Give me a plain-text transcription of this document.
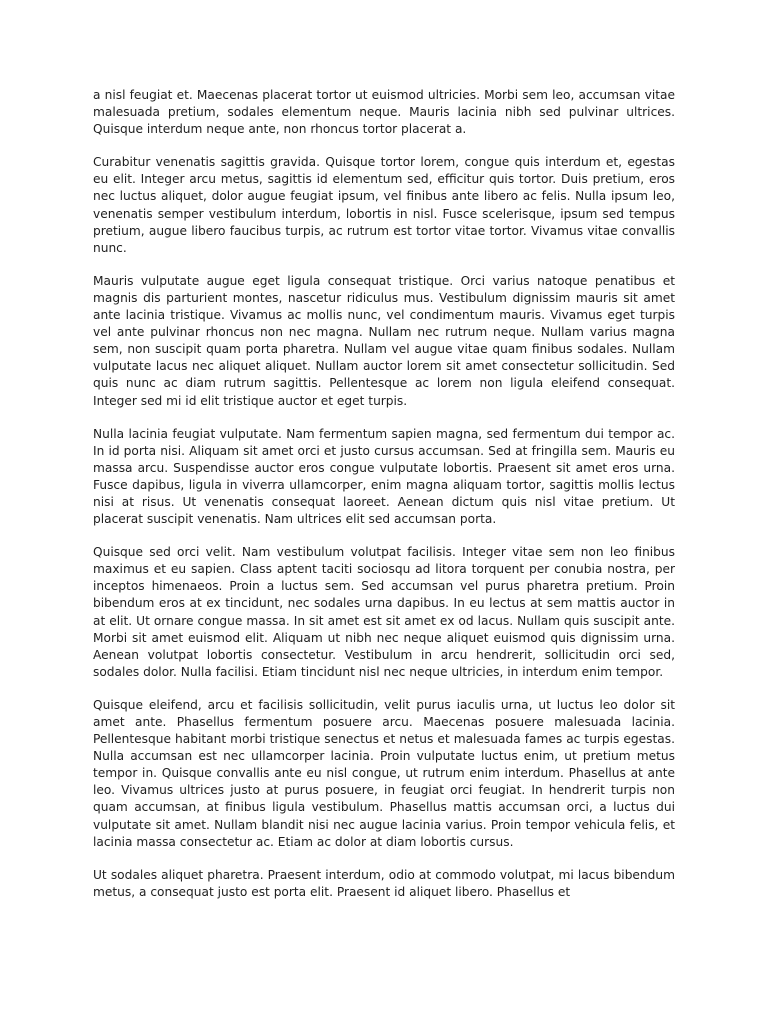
a nisl feugiat et. Maecenas placerat tortor ut euismod ultricies. Morbi sem leo, accumsan vitae malesuada pretium, sodales elementum neque. Mauris lacinia nibh sed pulvinar ultrices. Quisque interdum neque ante, non rhoncus tortor placerat a.

Curabitur venenatis sagittis gravida. Quisque tortor lorem, congue quis interdum et, egestas eu elit. Integer arcu metus, sagittis id elementum sed, efficitur quis tortor. Duis pretium, eros nec luctus aliquet, dolor augue feugiat ipsum, vel finibus ante libero ac felis. Nulla ipsum leo, venenatis semper vestibulum interdum, lobortis in nisl. Fusce scelerisque, ipsum sed tempus pretium, augue libero faucibus turpis, ac rutrum est tortor vitae tortor. Vivamus vitae convallis nunc.

Mauris vulputate augue eget ligula consequat tristique. Orci varius natoque penatibus et magnis dis parturient montes, nascetur ridiculus mus. Vestibulum dignissim mauris sit amet ante lacinia tristique. Vivamus ac mollis nunc, vel condimentum mauris. Vivamus eget turpis vel ante pulvinar rhoncus non nec magna. Nullam nec rutrum neque. Nullam varius magna sem, non suscipit quam porta pharetra. Nullam vel augue vitae quam finibus sodales. Nullam vulputate lacus nec aliquet aliquet. Nullam auctor lorem sit amet consectetur sollicitudin. Sed quis nunc ac diam rutrum sagittis. Pellentesque ac lorem non ligula eleifend consequat. Integer sed mi id elit tristique auctor et eget turpis.

Nulla lacinia feugiat vulputate. Nam fermentum sapien magna, sed fermentum dui tempor ac. In id porta nisi. Aliquam sit amet orci et justo cursus accumsan. Sed at fringilla sem. Mauris eu massa arcu. Suspendisse auctor eros congue vulputate lobortis. Praesent sit amet eros urna. Fusce dapibus, ligula in viverra ullamcorper, enim magna aliquam tortor, sagittis mollis lectus nisi at risus. Ut venenatis consequat laoreet. Aenean dictum quis nisl vitae pretium. Ut placerat suscipit venenatis. Nam ultrices elit sed accumsan porta.

Quisque sed orci velit. Nam vestibulum volutpat facilisis. Integer vitae sem non leo finibus maximus et eu sapien. Class aptent taciti sociosqu ad litora torquent per conubia nostra, per inceptos himenaeos. Proin a luctus sem. Sed accumsan vel purus pharetra pretium. Proin bibendum eros at ex tincidunt, nec sodales urna dapibus. In eu lectus at sem mattis auctor in at elit. Ut ornare congue massa. In sit amet est sit amet ex od lacus. Nullam quis suscipit ante. Morbi sit amet euismod elit. Aliquam ut nibh nec neque aliquet euismod quis dignissim urna. Aenean volutpat lobortis consectetur. Vestibulum in arcu hendrerit, sollicitudin orci sed, sodales dolor. Nulla facilisi. Etiam tincidunt nisl nec neque ultricies, in interdum enim tempor.

Quisque eleifend, arcu et facilisis sollicitudin, velit purus iaculis urna, ut luctus leo dolor sit amet ante. Phasellus fermentum posuere arcu. Maecenas posuere malesuada lacinia. Pellentesque habitant morbi tristique senectus et netus et malesuada fames ac turpis egestas. Nulla accumsan est nec ullamcorper lacinia. Proin vulputate luctus enim, ut pretium metus tempor in. Quisque convallis ante eu nisl congue, ut rutrum enim interdum. Phasellus at ante leo. Vivamus ultrices justo at purus posuere, in feugiat orci feugiat. In hendrerit turpis non quam accumsan, at finibus ligula vestibulum. Phasellus mattis accumsan orci, a luctus dui vulputate sit amet. Nullam blandit nisi nec augue lacinia varius. Proin tempor vehicula felis, et lacinia massa consectetur ac. Etiam ac dolor at diam lobortis cursus.

Ut sodales aliquet pharetra. Praesent interdum, odio at commodo volutpat, mi lacus bibendum metus, a consequat justo est porta elit. Praesent id aliquet libero. Phasellus et
